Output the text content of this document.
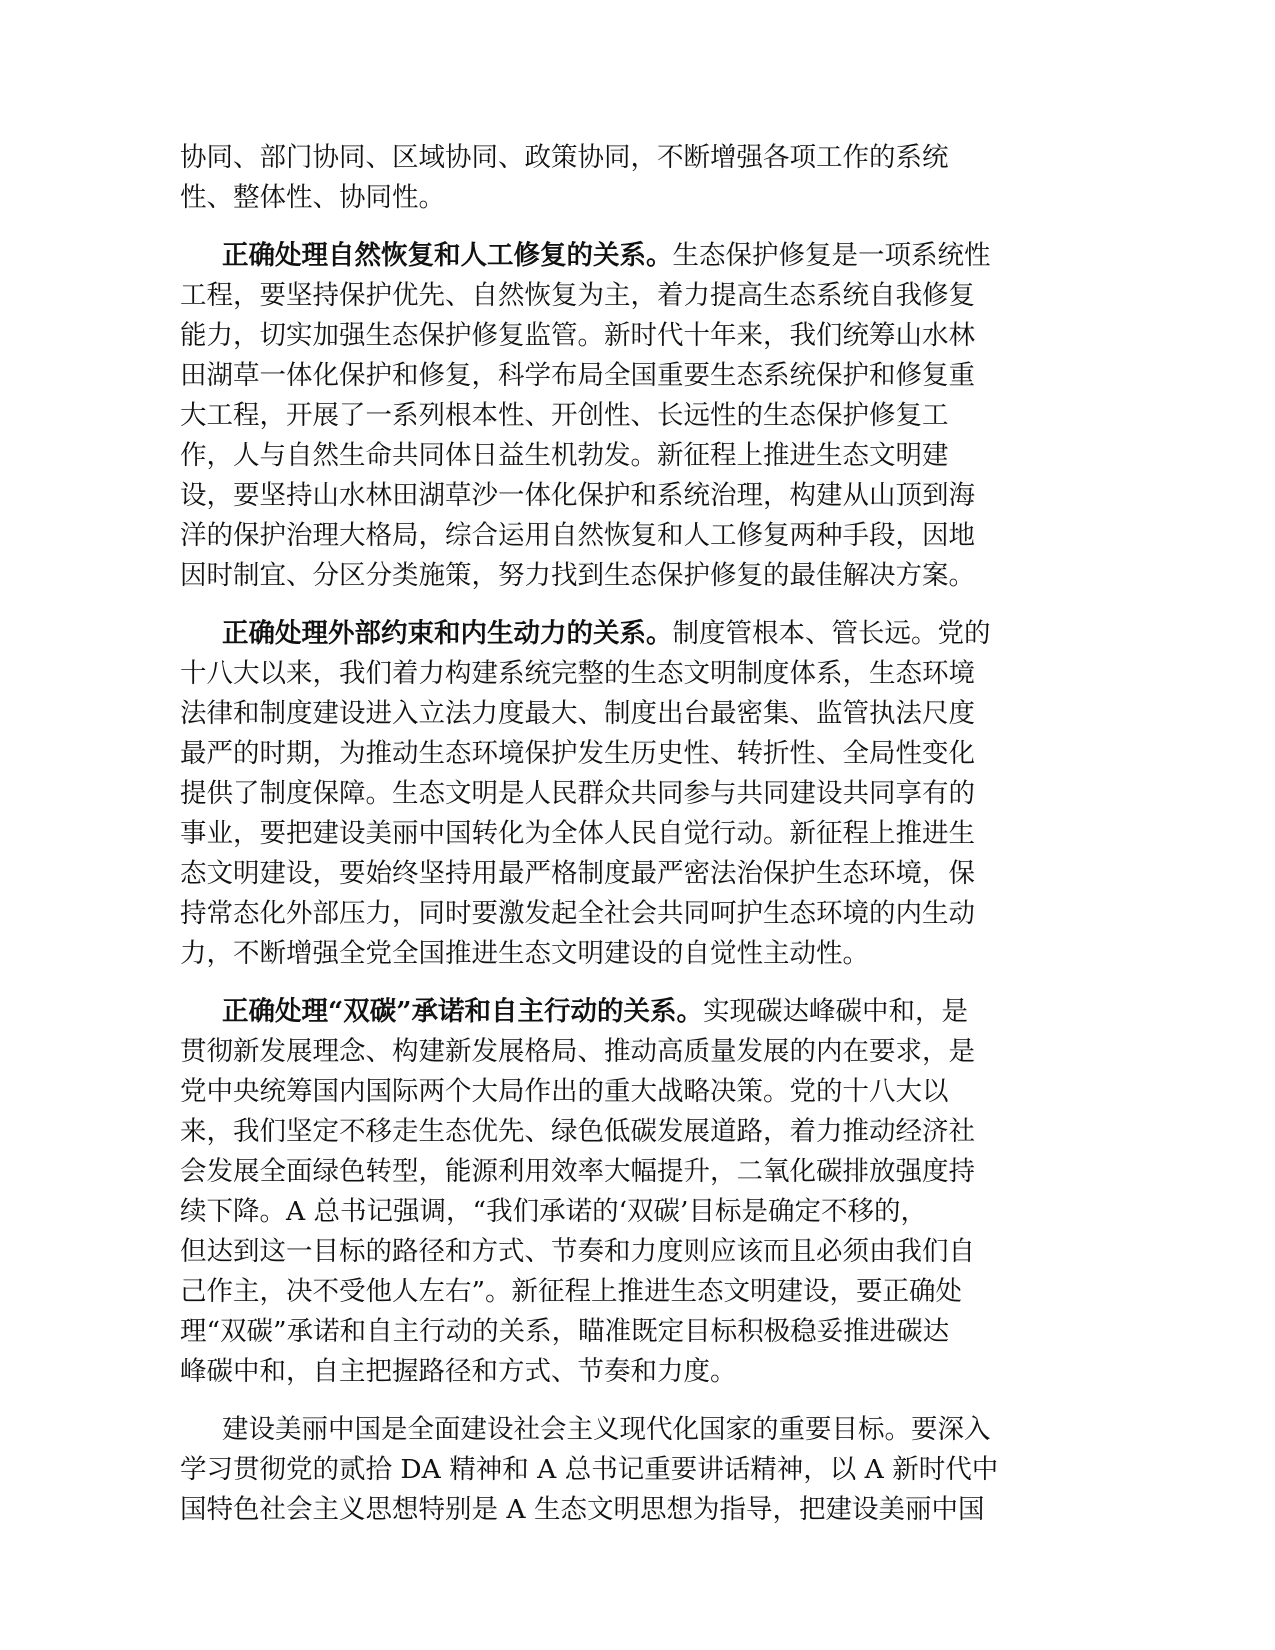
协同、部门协同、区域协同、政策协同，不断增强各项工作的系统
性、整体性、协同性。
正确处理自然恢复和人工修复的关系。生态保护修复是一项系统性
工程，要坚持保护优先、自然恢复为主，着力提高生态系统自我修复
能力，切实加强生态保护修复监管。新时代十年来，我们统筹山水林
田湖草一体化保护和修复，科学布局全国重要生态系统保护和修复重
大工程，开展了一系列根本性、开创性、长远性的生态保护修复工
作，人与自然生命共同体日益生机勃发。新征程上推进生态文明建
设，要坚持山水林田湖草沙一体化保护和系统治理，构建从山顶到海
洋的保护治理大格局，综合运用自然恢复和人工修复两种手段，因地
因时制宜、分区分类施策，努力找到生态保护修复的最佳解决方案。
正确处理外部约束和内生动力的关系。制度管根本、管长远。党的
十八大以来，我们着力构建系统完整的生态文明制度体系，生态环境
法律和制度建设进入立法力度最大、制度出台最密集、监管执法尺度
最严的时期，为推动生态环境保护发生历史性、转折性、全局性变化
提供了制度保障。生态文明是人民群众共同参与共同建设共同享有的
事业，要把建设美丽中国转化为全体人民自觉行动。新征程上推进生
态文明建设，要始终坚持用最严格制度最严密法治保护生态环境，保
持常态化外部压力，同时要激发起全社会共同呵护生态环境的内生动
力，不断增强全党全国推进生态文明建设的自觉性主动性。
正确处理“双碳”承诺和自主行动的关系。实现碳达峰碳中和，是
贯彻新发展理念、构建新发展格局、推动高质量发展的内在要求，是
党中央统筹国内国际两个大局作出的重大战略决策。党的十八大以
来，我们坚定不移走生态优先、绿色低碳发展道路，着力推动经济社
会发展全面绿色转型，能源利用效率大幅提升，二氧化碳排放强度持
续下降。A 总书记强调，“我们承诺的‘双碳’目标是确定不移的，
但达到这一目标的路径和方式、节奏和力度则应该而且必须由我们自
己作主，决不受他人左右”。新征程上推进生态文明建设，要正确处
理“双碳”承诺和自主行动的关系，瞄准既定目标积极稳妥推进碳达
峰碳中和，自主把握路径和方式、节奏和力度。
建设美丽中国是全面建设社会主义现代化国家的重要目标。要深入
学习贯彻党的贰拾 DA 精神和 A 总书记重要讲话精神，以 A 新时代中
国特色社会主义思想特别是 A 生态文明思想为指导，把建设美丽中国
